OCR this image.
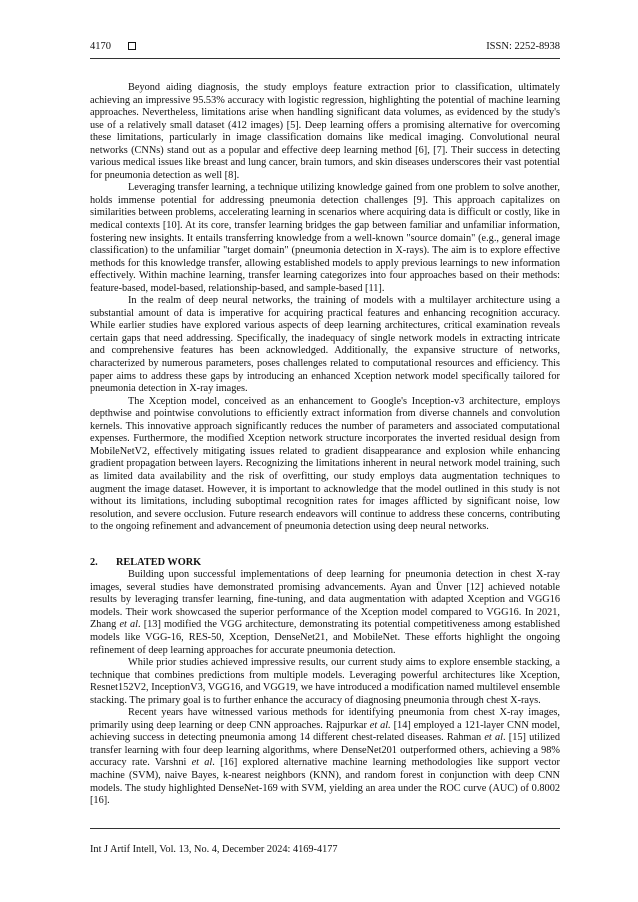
4170	ISSN: 2252-8938

Beyond aiding diagnosis, the study employs feature extraction prior to classification, ultimately achieving an impressive 95.53% accuracy with logistic regression, highlighting the potential of machine learning approaches. Nevertheless, limitations arise when handling significant data volumes, as evidenced by the study's use of a relatively small dataset (412 images) [5]. Deep learning offers a promising alternative for overcoming these limitations, particularly in image classification domains like medical imaging. Convolutional neural networks (CNNs) stand out as a popular and effective deep learning method [6], [7]. Their success in detecting various medical issues like breast and lung cancer, brain tumors, and skin diseases underscores their vast potential for pneumonia detection as well [8].

Leveraging transfer learning, a technique utilizing knowledge gained from one problem to solve another, holds immense potential for addressing pneumonia detection challenges [9]. This approach capitalizes on similarities between problems, accelerating learning in scenarios where acquiring data is difficult or costly, like in medical contexts [10]. At its core, transfer learning bridges the gap between familiar and unfamiliar information, fostering new insights. It entails transferring knowledge from a well-known "source domain" (e.g., general image classification) to the unfamiliar "target domain" (pneumonia detection in X-rays). The aim is to explore effective methods for this knowledge transfer, allowing established models to apply previous learnings to new information effectively. Within machine learning, transfer learning categorizes into four approaches based on their methods: feature-based, model-based, relationship-based, and sample-based [11].

In the realm of deep neural networks, the training of models with a multilayer architecture using a substantial amount of data is imperative for acquiring practical features and enhancing recognition accuracy. While earlier studies have explored various aspects of deep learning architectures, critical examination reveals certain gaps that need addressing. Specifically, the inadequacy of single network models in extracting intricate and comprehensive features has been acknowledged. Additionally, the expansive structure of networks, characterized by numerous parameters, poses challenges related to computational resources and efficiency. This paper aims to address these gaps by introducing an enhanced Xception network model specifically tailored for pneumonia detection in X-ray images.

The Xception model, conceived as an enhancement to Google's Inception-v3 architecture, employs depthwise and pointwise convolutions to efficiently extract information from diverse channels and convolution kernels. This innovative approach significantly reduces the number of parameters and associated computational expenses. Furthermore, the modified Xception network structure incorporates the inverted residual design from MobileNetV2, effectively mitigating issues related to gradient disappearance and explosion while enhancing gradient propagation between layers. Recognizing the limitations inherent in neural network model training, such as limited data availability and the risk of overfitting, our study employs data augmentation techniques to augment the image dataset. However, it is important to acknowledge that the model outlined in this study is not without its limitations, including suboptimal recognition rates for images afflicted by significant noise, low resolution, and severe occlusion. Future research endeavors will continue to address these concerns, contributing to the ongoing refinement and advancement of pneumonia detection using deep neural networks.

2. RELATED WORK

Building upon successful implementations of deep learning for pneumonia detection in chest X-ray images, several studies have demonstrated promising advancements. Ayan and Ünver [12] achieved notable results by leveraging transfer learning, fine-tuning, and data augmentation with adapted Xception and VGG16 models. Their work showcased the superior performance of the Xception model compared to VGG16. In 2021, Zhang et al. [13] modified the VGG architecture, demonstrating its potential competitiveness among established models like VGG-16, RES-50, Xception, DenseNet21, and MobileNet. These efforts highlight the ongoing refinement of deep learning approaches for accurate pneumonia detection.

While prior studies achieved impressive results, our current study aims to explore ensemble stacking, a technique that combines predictions from multiple models. Leveraging powerful architectures like Xception, Resnet152V2, InceptionV3, VGG16, and VGG19, we have introduced a modification named multilevel ensemble stacking. The primary goal is to further enhance the accuracy of diagnosing pneumonia through chest X-rays.

Recent years have witnessed various methods for identifying pneumonia from chest X-ray images, primarily using deep learning or deep CNN approaches. Rajpurkar et al. [14] employed a 121-layer CNN model, achieving success in detecting pneumonia among 14 different chest-related diseases. Rahman et al. [15] utilized transfer learning with four deep learning algorithms, where DenseNet201 outperformed others, achieving a 98% accuracy rate. Varshni et al. [16] explored alternative machine learning methodologies like support vector machine (SVM), naive Bayes, k-nearest neighbors (KNN), and random forest in conjunction with deep CNN models. The study highlighted DenseNet-169 with SVM, yielding an area under the ROC curve (AUC) of 0.8002 [16].

Int J Artif Intell, Vol. 13, No. 4, December 2024: 4169-4177
